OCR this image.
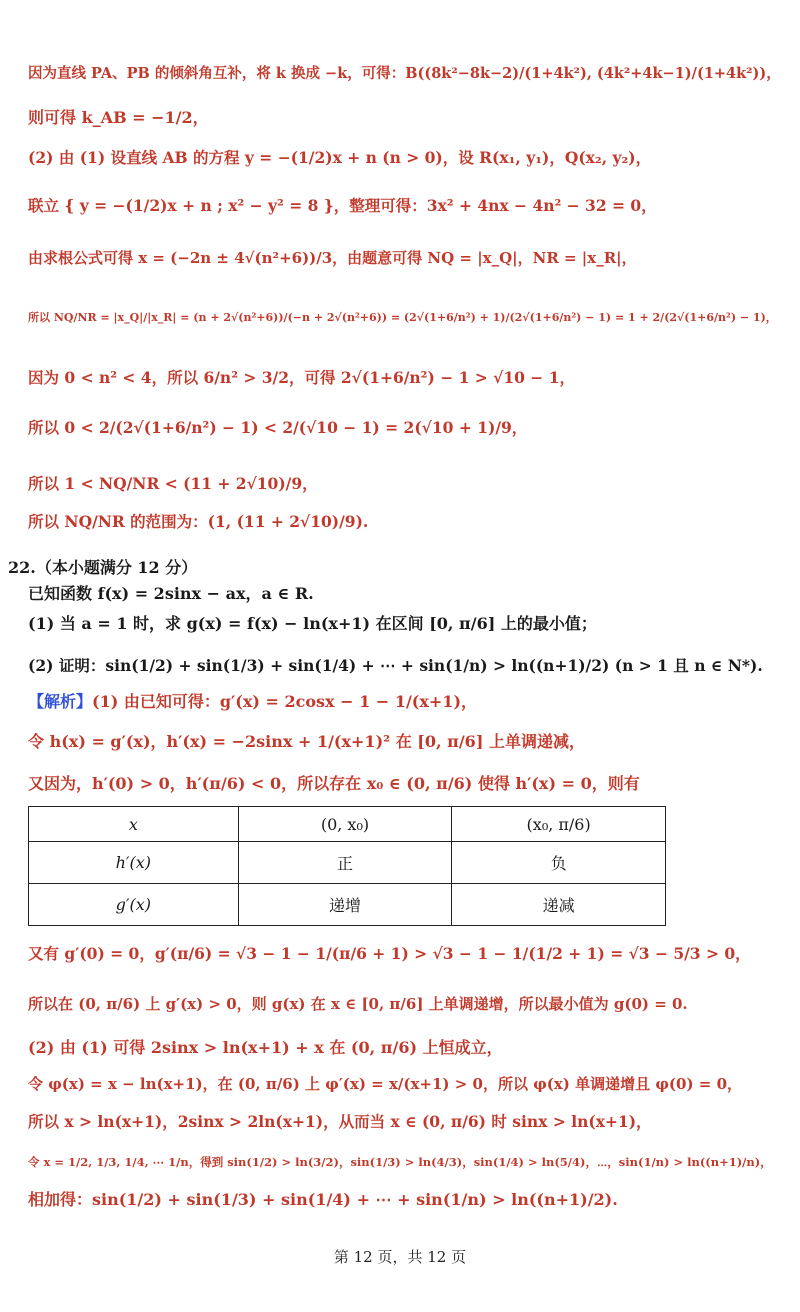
因为直线 PA、PB 的倾斜角互补，将 k 换成 −k，可得：B((8k²−8k−2)/(1+4k²), (4k²+4k−1)/(1+4k²))，
则可得 k_AB = −1/2，
(2) 由 (1) 设直线 AB 的方程 y = −(1/2)x + n (n > 0)，设 R(x₁, y₁)，Q(x₂, y₂)，
联立 { y = −(1/2)x + n ; x² − y² = 8 }，整理可得：3x² + 4nx − 4n² − 32 = 0，
由求根公式可得 x = (−2n ± 4√(n²+6))/3，由题意可得 NQ = |x_Q|，NR = |x_R|，
所以 NQ/NR = |x_Q|/|x_R| = (n + 2√(n²+6))/(−n + 2√(n²+6)) = (2√(1+6/n²) + 1)/(2√(1+6/n²) − 1) = 1 + 2/(2√(1+6/n²) − 1)，
因为 0 < n² < 4，所以 6/n² > 3/2，可得 2√(1+6/n²) − 1 > √10 − 1，
所以 0 < 2/(2√(1+6/n²) − 1) < 2/(√10 − 1) = 2(√10 + 1)/9，
所以 1 < NQ/NR < (11 + 2√10)/9，
所以 NQ/NR 的范围为：(1, (11 + 2√10)/9).
22.（本小题满分 12 分）
已知函数 f(x) = 2sinx − ax，a ∈ R.
(1) 当 a = 1 时，求 g(x) = f(x) − ln(x+1) 在区间 [0, π/6] 上的最小值；
(2) 证明：sin(1/2) + sin(1/3) + sin(1/4) + ⋯ + sin(1/n) > ln((n+1)/2) (n > 1 且 n ∈ N*).
【解析】(1) 由已知可得：g′(x) = 2cosx − 1 − 1/(x+1)，
令 h(x) = g′(x)，h′(x) = −2sinx + 1/(x+1)² 在 [0, π/6] 上单调递减，
又因为，h′(0) > 0，h′(π/6) < 0，所以存在 x₀ ∈ (0, π/6) 使得 h′(x) = 0，则有
x	(0, x₀)	(x₀, π/6)
h′(x)	正	负
g′(x)	递增	递减
又有 g′(0) = 0，g′(π/6) = √3 − 1 − 1/(π/6 + 1) > √3 − 1 − 1/(1/2 + 1) = √3 − 5/3 > 0，
所以在 (0, π/6) 上 g′(x) > 0，则 g(x) 在 x ∈ [0, π/6] 上单调递增，所以最小值为 g(0) = 0.
(2) 由 (1) 可得 2sinx > ln(x+1) + x 在 (0, π/6) 上恒成立，
令 φ(x) = x − ln(x+1)，在 (0, π/6) 上 φ′(x) = x/(x+1) > 0，所以 φ(x) 单调递增且 φ(0) = 0，
所以 x > ln(x+1)，2sinx > 2ln(x+1)，从而当 x ∈ (0, π/6) 时 sinx > ln(x+1)，
令 x = 1/2, 1/3, 1/4, ⋯ 1/n，得到 sin(1/2) > ln(3/2)，sin(1/3) > ln(4/3)，sin(1/4) > ln(5/4)，⋯，sin(1/n) > ln((n+1)/n)，
相加得：sin(1/2) + sin(1/3) + sin(1/4) + ⋯ + sin(1/n) > ln((n+1)/2).
第 12 页，共 12 页
